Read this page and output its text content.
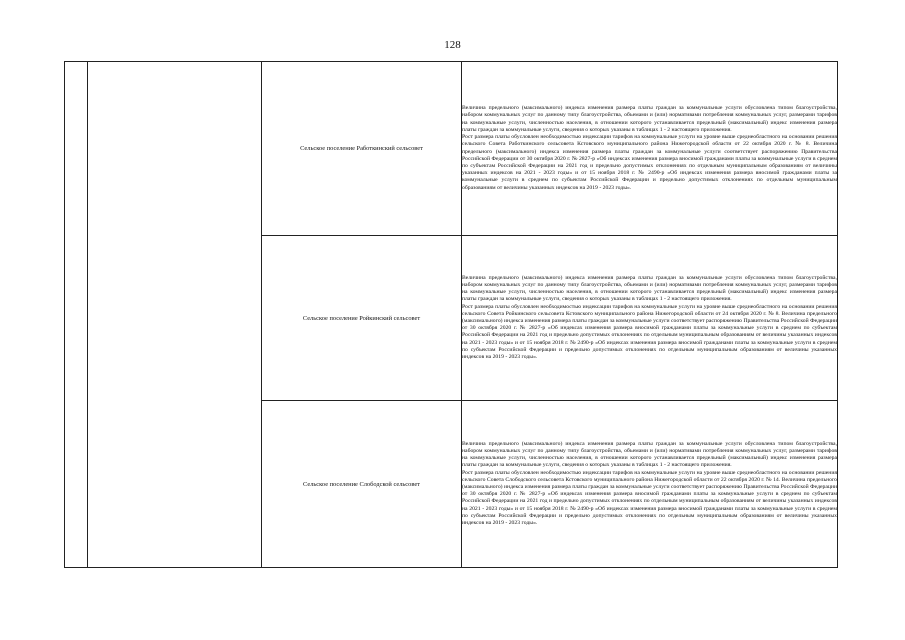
128
		Сельское поселение Работкинский сельсовет	Величина предельного (максимального) индекса изменения размера платы граждан за коммунальные услуги обусловлена типом благоустройства, набором коммунальных услуг по данному типу благоустройства, объемами и (или) нормативами потребления коммунальных услуг, размерами тарифов на коммунальные услуги, численностью населения, в отношении которого устанавливается предельный (максимальный) индекс изменения размера платы граждан за коммунальные услуги, сведения о которых указаны в таблицах 1 - 2 настоящего приложения.

Рост размера платы обусловлен необходимостью индексации тарифов на коммунальные услуги на уровне выше среднеобластного на основании решения сельского Совета Работкинского сельсовета Кстовского муниципального района Нижегородской области от 22 октября 2020 г. № 8. Величина предельного (максимального) индекса изменения размера платы граждан за коммунальные услуги соответствует распоряжению Правительства Российской Федерации от 30 октября 2020 г. № 2827-р «Об индексах изменения размера вносимой гражданами платы за коммунальные услуги в среднем по субъектам Российской Федерации на 2021 год и предельно допустимых отклонениях по отдельным муниципальным образованиям от величины указанных индексов на 2021 - 2023 годы» и от 15 ноября 2018 г. № 2490-р «Об индексах изменения размера вносимой гражданами платы за коммунальные услуги в среднем по субъектам Российской Федерации и предельно допустимых отклонениях по отдельным муниципальным образованиям от величины указанных индексов на 2019 - 2023 годы».

		Сельское поселение Ройкинский сельсовет	Величина предельного (максимального) индекса изменения размера платы граждан за коммунальные услуги обусловлена типом благоустройства, набором коммунальных услуг по данному типу благоустройства, объемами и (или) нормативами потребления коммунальных услуг, размерами тарифов на коммунальные услуги, численностью населения, в отношении которого устанавливается предельный (максимальный) индекс изменения размера платы граждан за коммунальные услуги, сведения о которых указаны в таблицах 1 - 2 настоящего приложения.

Рост размера платы обусловлен необходимостью индексации тарифов на коммунальные услуги на уровне выше среднеобластного на основании решения сельского Совета Ройкинского сельсовета Кстовского муниципального района Нижегородской области от 24 октября 2020 г. № 8. Величина предельного (максимального) индекса изменения размера платы граждан за коммунальные услуги соответствует распоряжению Правительства Российской Федерации от 30 октября 2020 г. № 2827-р «Об индексах изменения размера вносимой гражданами платы за коммунальные услуги в среднем по субъектам Российской Федерации на 2021 год и предельно допустимых отклонениях по отдельным муниципальным образованиям от величины указанных индексов на 2021 - 2023 годы» и от 15 ноября 2018 г. № 2490-р «Об индексах изменения размера вносимой гражданами платы за коммунальные услуги в среднем по субъектам Российской Федерации и предельно допустимых отклонениях по отдельным муниципальным образованиям от величины указанных индексов на 2019 - 2023 годы».

		Сельское поселение Слободской сельсовет	Величина предельного (максимального) индекса изменения размера платы граждан за коммунальные услуги обусловлена типом благоустройства, набором коммунальных услуг по данному типу благоустройства, объемами и (или) нормативами потребления коммунальных услуг, размерами тарифов на коммунальные услуги, численностью населения, в отношении которого устанавливается предельный (максимальный) индекс изменения размера платы граждан за коммунальные услуги, сведения о которых указаны в таблицах 1 - 2 настоящего приложения.

Рост размера платы обусловлен необходимостью индексации тарифов на коммунальные услуги на уровне выше среднеобластного на основании решения сельского Совета Слободского сельсовета Кстовского муниципального района Нижегородской области от 22 октября 2020 г. № 14. Величина предельного (максимального) индекса изменения размера платы граждан за коммунальные услуги соответствует распоряжению Правительства Российской Федерации от 30 октября 2020 г. № 2827-р «Об индексах изменения размера вносимой гражданами платы за коммунальные услуги в среднем по субъектам Российской Федерации на 2021 год и предельно допустимых отклонениях по отдельным муниципальным образованиям от величины указанных индексов на 2021 - 2023 годы» и от 15 ноября 2018 г. № 2490-р «Об индексах изменения размера вносимой гражданами платы за коммунальные услуги в среднем по субъектам Российской Федерации и предельно допустимых отклонениях по отдельным муниципальным образованиям от величины указанных индексов на 2019 - 2023 годы».
